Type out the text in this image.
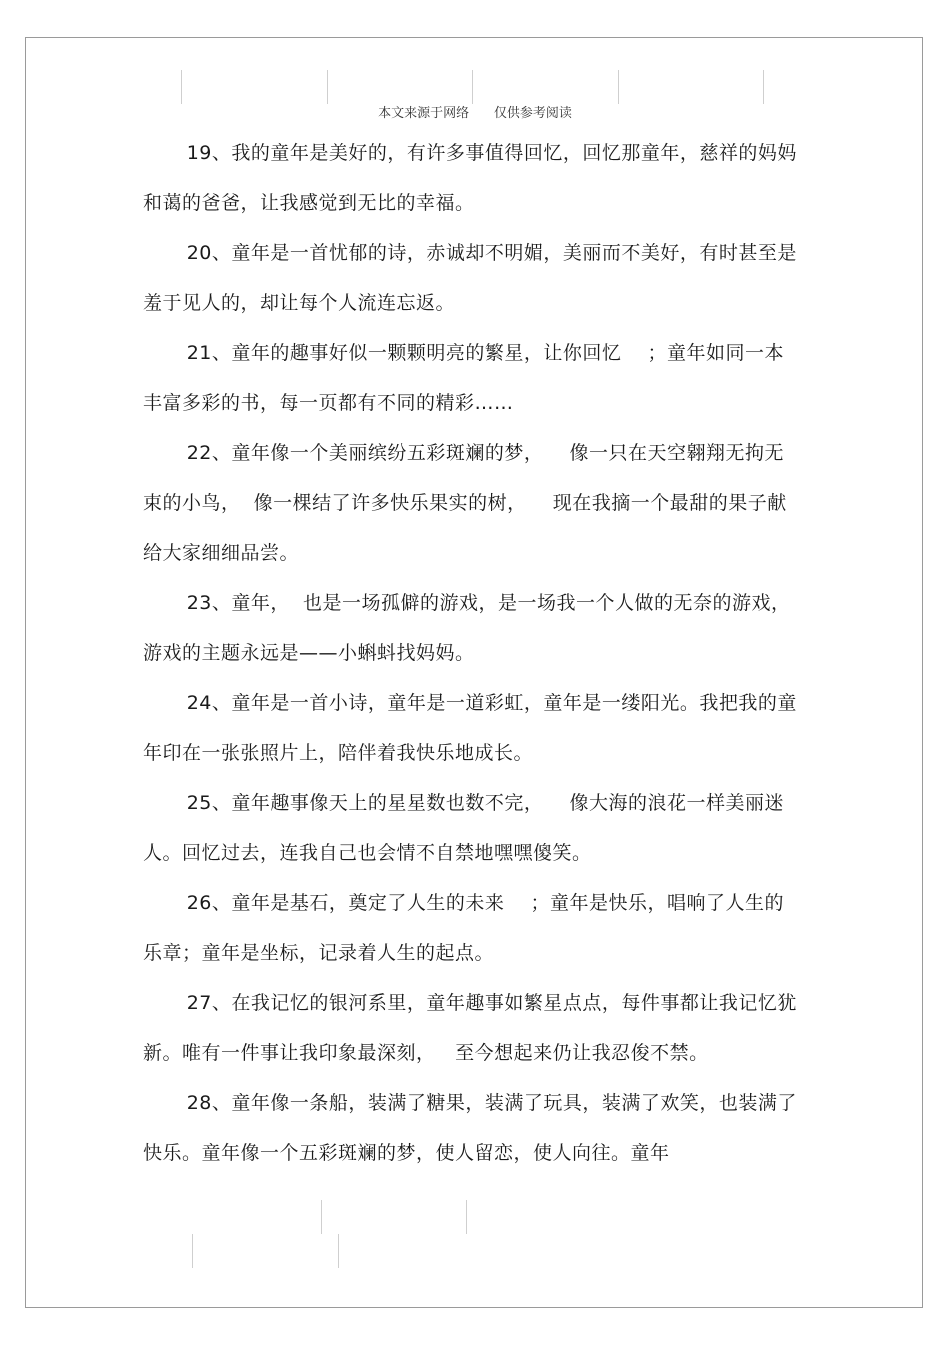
本文来源于网络      仅供参考阅读

19、我的童年是美好的，有许多事值得回忆，回忆那童年，慈祥的妈妈和蔼的爸爸，让我感觉到无比的幸福。

20、童年是一首忧郁的诗，赤诚却不明媚，美丽而不美好，有时甚至是羞于见人的，却让每个人流连忘返。

21、童年的趣事好似一颗颗明亮的繁星，让你回忆    ；童年如同一本丰富多彩的书，每一页都有不同的精彩……

22、童年像一个美丽缤纷五彩斑斓的梦，    像一只在天空翱翔无拘无束的小鸟，  像一棵结了许多快乐果实的树，    现在我摘一个最甜的果子献给大家细细品尝。

23、童年，  也是一场孤僻的游戏，是一场我一个人做的无奈的游戏，游戏的主题永远是——小蝌蚪找妈妈。

24、童年是一首小诗，童年是一道彩虹，童年是一缕阳光。我把我的童年印在一张张照片上，陪伴着我快乐地成长。

25、童年趣事像天上的星星数也数不完，    像大海的浪花一样美丽迷人。回忆过去，连我自己也会情不自禁地嘿嘿傻笑。

26、童年是基石，奠定了人生的未来    ；童年是快乐，唱响了人生的乐章；童年是坐标，记录着人生的起点。

27、在我记忆的银河系里，童年趣事如繁星点点，每件事都让我记忆犹新。唯有一件事让我印象最深刻，   至今想起来仍让我忍俊不禁。

28、童年像一条船，装满了糖果，装满了玩具，装满了欢笑，也装满了快乐。童年像一个五彩斑斓的梦，使人留恋，使人向往。童年
